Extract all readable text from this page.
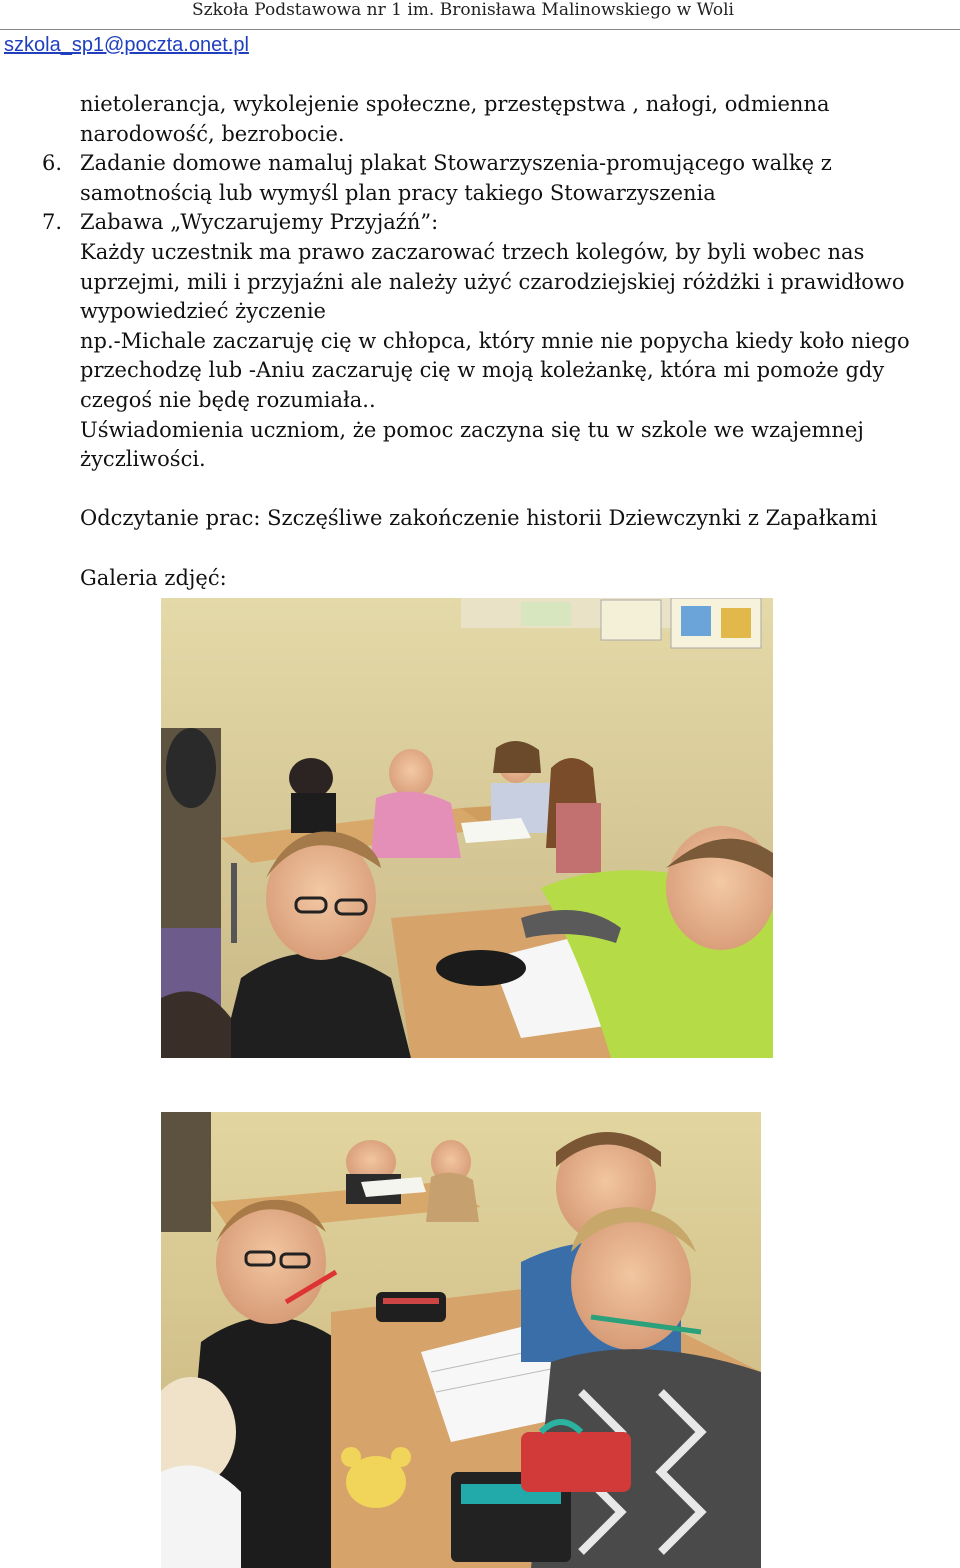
Szkoła Podstawowa nr 1 im. Bronisława Malinowskiego w Woli
szkola_sp1@poczta.onet.pl
nietolerancja, wykolejenie społeczne, przestępstwa , nałogi, odmienna
narodowość, bezrobocie.
6. Zadanie domowe namaluj plakat Stowarzyszenia-promującego walkę z
samotnością lub wymyśl plan pracy takiego Stowarzyszenia
7. Zabawa „Wyczarujemy Przyjaźń”:
Każdy uczestnik ma prawo zaczarować trzech kolegów, by byli wobec nas
uprzejmi, mili i przyjaźni ale należy użyć czarodziejskiej różdżki i prawidłowo
wypowiedzieć życzenie
np.-Michale zaczaruję cię w chłopca, który mnie nie popycha kiedy koło niego
przechodzę lub -Aniu zaczaruję cię w moją koleżankę, która mi pomoże gdy
czegoś nie będę rozumiała..
Uświadomienia uczniom, że pomoc zaczyna się tu w szkole we wzajemnej
życzliwości.
Odczytanie prac: Szczęśliwe zakończenie historii Dziewczynki z Zapałkami
Galeria zdjęć:
